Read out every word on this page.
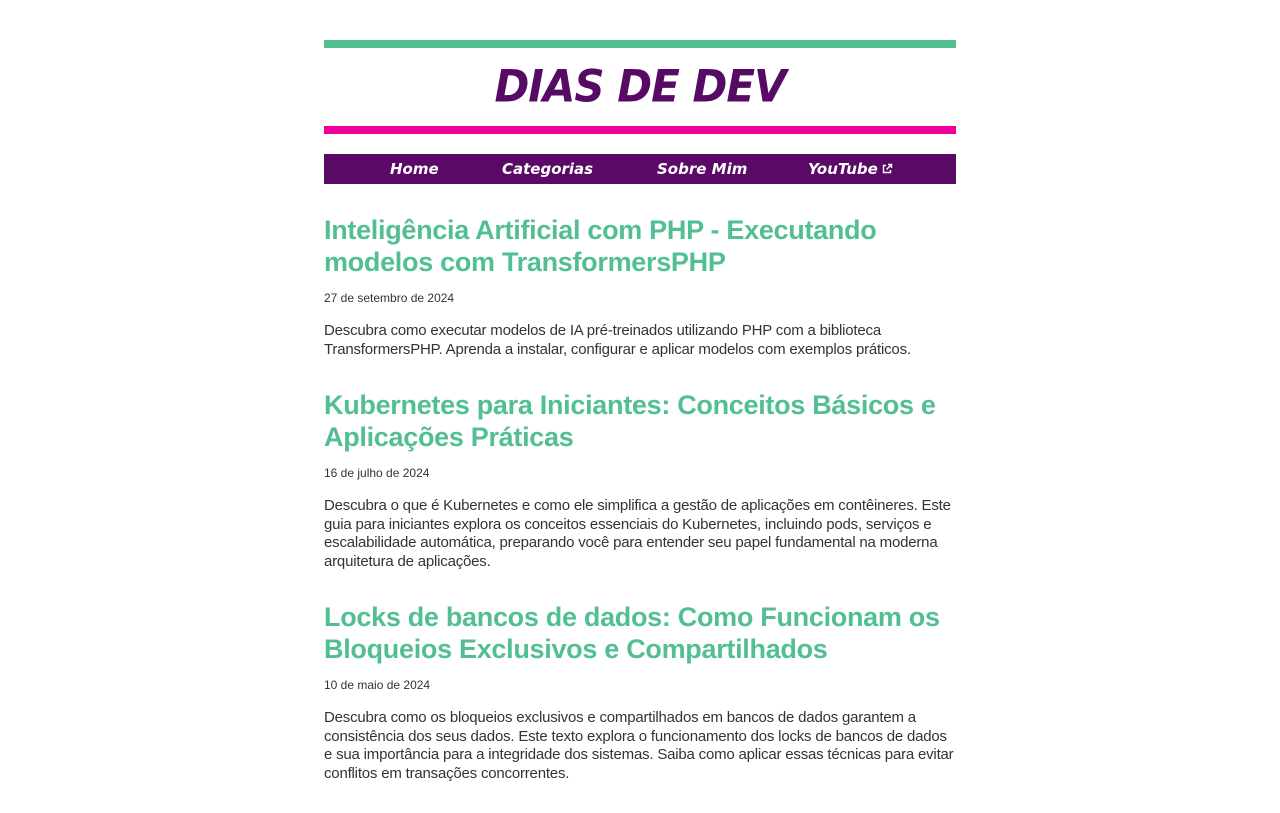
DIAS DE DEV
Home	Categorias	Sobre Mim	YouTube
Inteligência Artificial com PHP - Executando modelos com TransformersPHP
27 de setembro de 2024

Descubra como executar modelos de IA pré-treinados utilizando PHP com a biblioteca TransformersPHP. Aprenda a instalar, configurar e aplicar modelos com exemplos práticos.

Kubernetes para Iniciantes: Conceitos Básicos e Aplicações Práticas
16 de julho de 2024

Descubra o que é Kubernetes e como ele simplifica a gestão de aplicações em contêineres. Este guia para iniciantes explora os conceitos essenciais do Kubernetes, incluindo pods, serviços e escalabilidade automática, preparando você para entender seu papel fundamental na moderna arquitetura de aplicações.

Locks de bancos de dados: Como Funcionam os Bloqueios Exclusivos e Compartilhados
10 de maio de 2024

Descubra como os bloqueios exclusivos e compartilhados em bancos de dados garantem a consistência dos seus dados. Este texto explora o funcionamento dos locks de bancos de dados e sua importância para a integridade dos sistemas. Saiba como aplicar essas técnicas para evitar conflitos em transações concorrentes.
